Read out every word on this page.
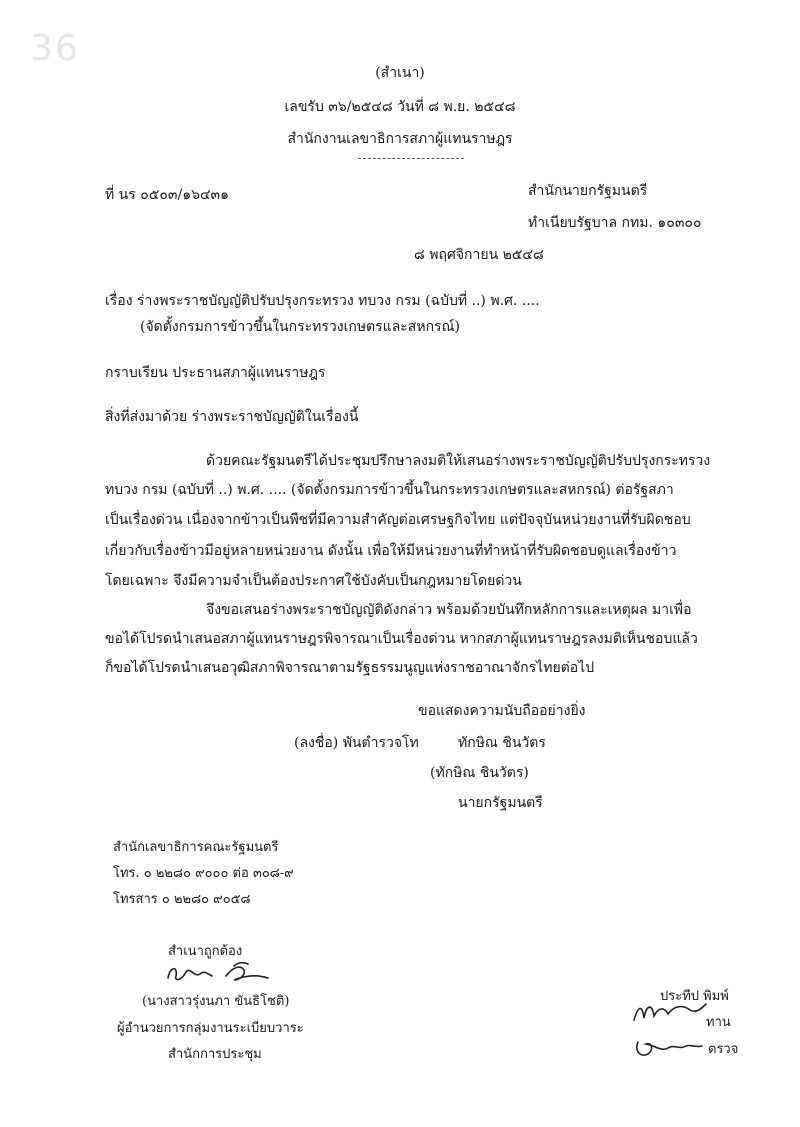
36
(สำเนา)
เลขรับ ๓๖/๒๕๔๘ วันที่ ๘ พ.ย. ๒๕๔๘
สำนักงานเลขาธิการสภาผู้แทนราษฎร
ที่ นร ๐๕๐๓/๑๖๔๓๑	สำนักนายกรัฐมนตรี
ทำเนียบรัฐบาล กทม. ๑๐๓๐๐
๘ พฤศจิกายน ๒๕๔๘
เรื่อง ร่างพระราชบัญญัติปรับปรุงกระทรวง ทบวง กรม (ฉบับที่ ..) พ.ศ. ....
(จัดตั้งกรมการข้าวขึ้นในกระทรวงเกษตรและสหกรณ์)
กราบเรียน ประธานสภาผู้แทนราษฎร
สิ่งที่ส่งมาด้วย ร่างพระราชบัญญัติในเรื่องนี้
ด้วยคณะรัฐมนตรีได้ประชุมปรึกษาลงมติให้เสนอร่างพระราชบัญญัติปรับปรุงกระทรวง
ทบวง กรม (ฉบับที่ ..) พ.ศ. .... (จัดตั้งกรมการข้าวขึ้นในกระทรวงเกษตรและสหกรณ์) ต่อรัฐสภา
เป็นเรื่องด่วน เนื่องจากข้าวเป็นพืชที่มีความสำคัญต่อเศรษฐกิจไทย แต่ปัจจุบันหน่วยงานที่รับผิดชอบ
เกี่ยวกับเรื่องข้าวมีอยู่หลายหน่วยงาน ดังนั้น เพื่อให้มีหน่วยงานที่ทำหน้าที่รับผิดชอบดูแลเรื่องข้าว
โดยเฉพาะ จึงมีความจำเป็นต้องประกาศใช้บังคับเป็นกฎหมายโดยด่วน
จึงขอเสนอร่างพระราชบัญญัติดังกล่าว พร้อมด้วยบันทึกหลักการและเหตุผล มาเพื่อ
ขอได้โปรดนำเสนอสภาผู้แทนราษฎรพิจารณาเป็นเรื่องด่วน หากสภาผู้แทนราษฎรลงมติเห็นชอบแล้ว
ก็ขอได้โปรดนำเสนอวุฒิสภาพิจารณาตามรัฐธรรมนูญแห่งราชอาณาจักรไทยต่อไป
ขอแสดงความนับถืออย่างยิ่ง
(ลงชื่อ) พันตำรวจโท	ทักษิณ ชินวัตร
(ทักษิณ ชินวัตร)
นายกรัฐมนตรี
สำนักเลขาธิการคณะรัฐมนตรี
โทร. ๐ ๒๒๘๐ ๙๐๐๐ ต่อ ๓๐๘-๙
โทรสาร ๐ ๒๒๘๐ ๙๐๕๘
สำเนาถูกต้อง
(นางสาวรุ่งนภา ขันธิโชติ)
ผู้อำนวยการกลุ่มงานระเบียบวาระ
สำนักการประชุม
ประทีป พิมพ์
ทาน
ตรวจ
